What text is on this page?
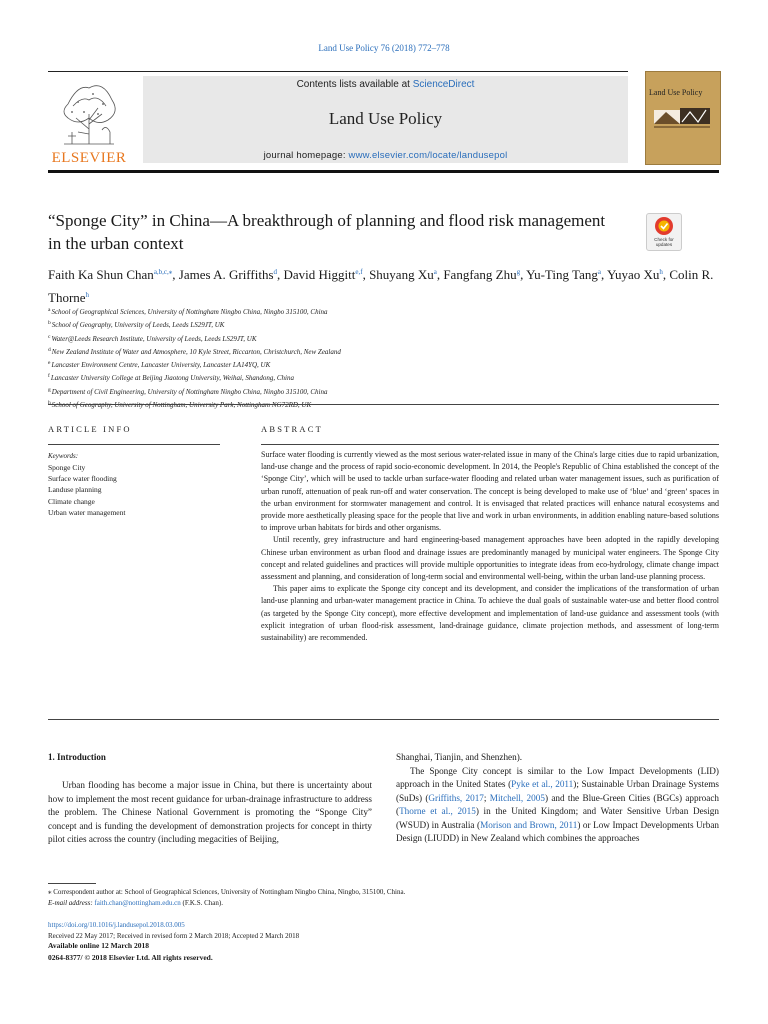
Land Use Policy 76 (2018) 772–778
ELSEVIER
Contents lists available at ScienceDirect
Land Use Policy
journal homepage: www.elsevier.com/locate/landusepol
Land Use Policy
“Sponge City” in China—A breakthrough of planning and flood risk management in the urban context	Check for updates
Faith Ka Shun Chan$^{a,b,c,⁎}$, James A. Griffiths$^d$, David Higgitt$^{e,f}$, Shuyang Xu$^a$, Fangfang Zhu$^g$, Yu-Ting Tang$^a$, Yuyao Xu$^h$, Colin R. Thorne$^h$
$^a$School of Geographical Sciences, University of Nottingham Ningbo China, Ningbo 315100, China
$^b$School of Geography, University of Leeds, Leeds LS29JT, UK
$^c$Water@Leeds Research Institute, University of Leeds, Leeds LS29JT, UK
$^d$New Zealand Institute of Water and Atmosphere, 10 Kyle Street, Riccarton, Christchurch, New Zealand
$^e$Lancaster Environment Centre, Lancaster University, Lancaster LA14YQ, UK
$^f$Lancaster University College at Beijing Jiaotong University, Weihai, Shandong, China
$^g$Department of Civil Engineering, University of Nottingham Ningbo China, Ningbo 315100, China
$^h$School of Geography, University of Nottingham, University Park, Nottingham NG72RD, UK
ARTICLE INFO
Keywords:
Sponge City
Surface water flooding
Landuse planning
Climate change
Urban water management
ABSTRACT

Surface water flooding is currently viewed as the most serious water-related issue in many of the China's large cities due to rapid urbanization, land-use change and the process of rapid socio-economic development. In 2014, the People's Republic of China established the concept of the ‘Sponge City’, which will be used to tackle urban surface-water flooding and related urban water management issues, such as purification of urban runoff, attenuation of peak run-off and water conservation. The concept is being developed to make use of ‘blue’ and ‘green’ spaces in the urban environment for stormwater management and control. It is envisaged that related practices will enhance natural ecosystems and provide more aesthetically pleasing space for the people that live and work in urban environments, in addition enabling nature-based solutions to improve urban habitats for birds and other organisms.

Until recently, grey infrastructure and hard engineering-based management approaches have been adopted in the rapidly developing Chinese urban environment as urban flood and drainage issues are predominantly managed by municipal water engineers. The Sponge City concept and related guidelines and practices will provide multiple opportunities to integrate ideas from eco-hydrology, climate change impact assessment and planning, and consideration of long-term social and environmental well-being, within the urban land-use planning process.

This paper aims to explicate the Sponge city concept and its development, and consider the implications of the transformation of urban land-use planning and urban-water management practice in China. To achieve the dual goals of sustainable water-use and better flood control (as targeted by the Sponge City concept), more effective development and implementation of land-use guidance and assessment tools (with explicit integration of urban flood-risk assessment, land-drainage guidance, climate projection methods, and assessment of long-term sustainability) are recommended.

1. Introduction

Urban flooding has become a major issue in China, but there is uncertainty about how to implement the most recent guidance for urban-drainage infrastructure to address the problem. The Chinese National Government is promoting the “Sponge City” concept and is funding the development of demonstration projects for concept in thirty pilot cities across the country (including megacities of Beijing,

Shanghai, Tianjin, and Shenzhen).
The Sponge City concept is similar to the Low Impact Developments (LID) approach in the United States (Pyke et al., 2011); Sustainable Urban Drainage Systems (SuDs) (Griffiths, 2017; Mitchell, 2005) and the Blue-Green Cities (BGCs) approach (Thorne et al., 2015) in the United Kingdom; and Water Sensitive Urban Design (WSUD) in Australia (Morison and Brown, 2011) or Low Impact Developments Urban Design (LIUDD) in New Zealand which combines the approaches

⁎ Correspondent author at: School of Geographical Sciences, University of Nottingham Ningbo China, Ningbo, 315100, China.
E-mail address: faith.chan@nottingham.edu.cn (F.K.S. Chan).
https://doi.org/10.1016/j.landusepol.2018.03.005
Received 22 May 2017; Received in revised form 2 March 2018; Accepted 2 March 2018
Available online 12 March 2018
0264-8377/ © 2018 Elsevier Ltd. All rights reserved.
